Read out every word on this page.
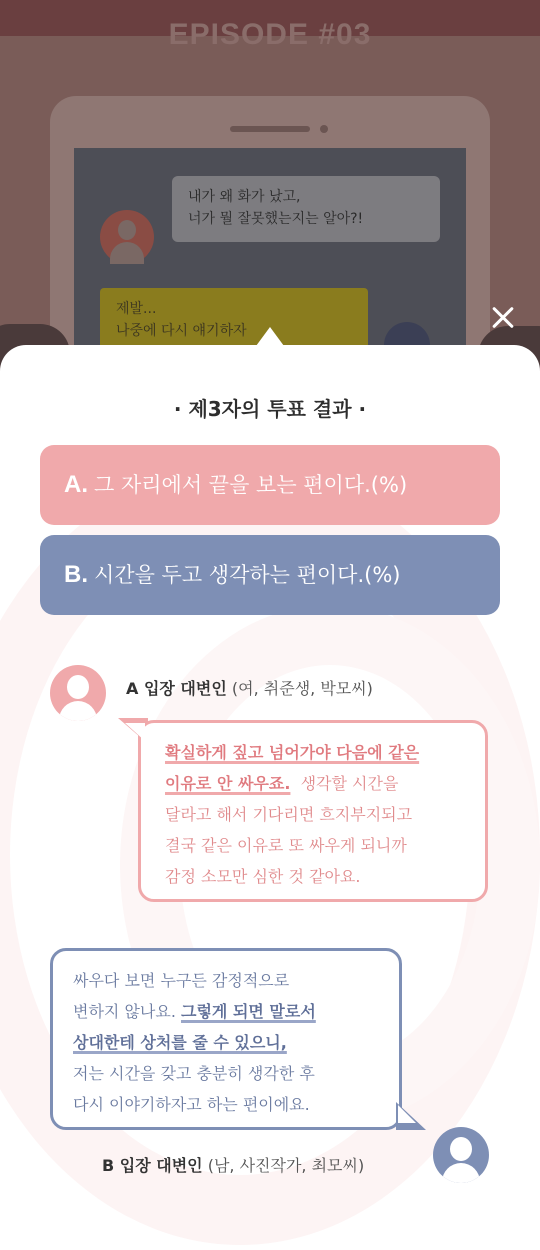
EPISODE #03
내가 왜 화가 났고,
너가 뭘 잘못했는지는 알아?!
제발...
나중에 다시 얘기하자
· 제3자의 투표 결과 ·
A. 그 자리에서 끝을 보는 편이다.(%)
B. 시간을 두고 생각하는 편이다.(%)
A 입장 대변인 (여, 취준생, 박모씨)
확실하게 짚고 넘어가야 다음에 같은
이유로 안 싸우죠. 생각할 시간을
달라고 해서 기다리면 흐지부지되고
결국 같은 이유로 또 싸우게 되니까
감정 소모만 심한 것 같아요.
싸우다 보면 누구든 감정적으로
변하지 않나요. 그렇게 되면 말로서
상대한테 상처를 줄 수 있으니,
저는 시간을 갖고 충분히 생각한 후
다시 이야기하자고 하는 편이에요.
B 입장 대변인 (남, 사진작가, 최모씨)
